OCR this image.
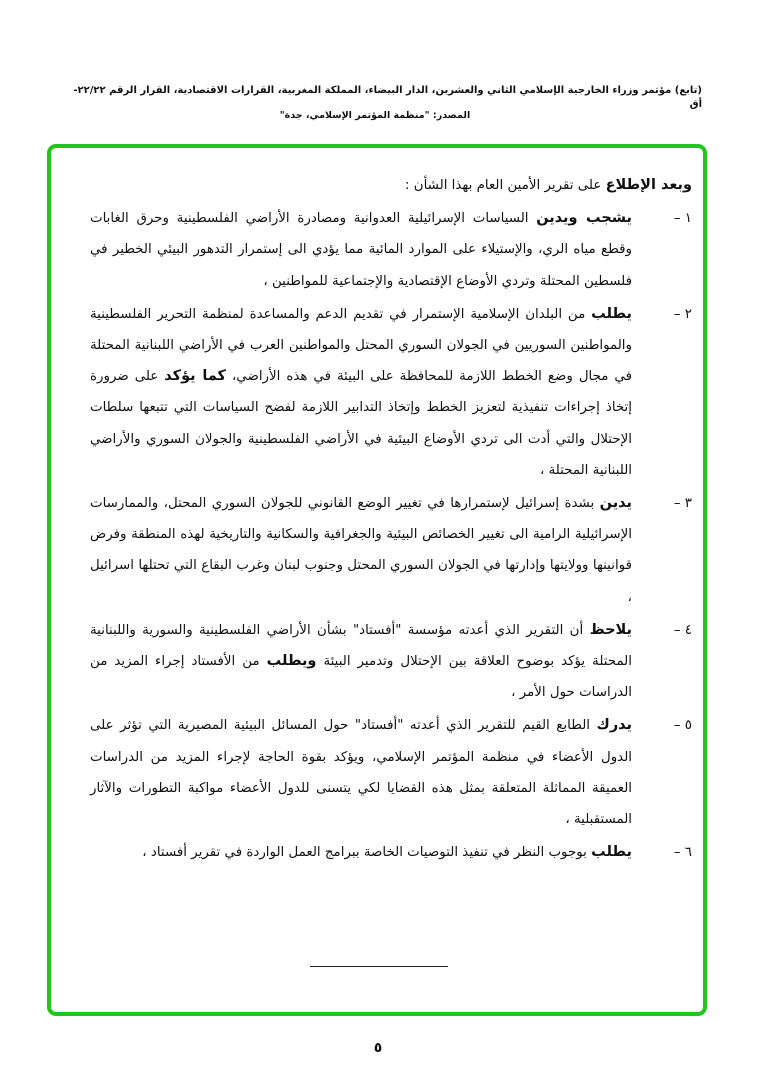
(تابع) مؤتمر وزراء الخارجية الإسلامي الثاني والعشرين، الدار البيضاء، المملكة المغربية، القرارات الاقتصادية، القرار الرقم ٢٢/٢٢- أق
المصدر: "منظمة المؤتمر الإسلامي، جدة"
وبعد الإطلاع على تقرير الأمين العام بهذا الشأن :
١ –
يشجب ويدين السياسات الإسرائيلية العدوانية ومصادرة الأراضي الفلسطينية وحرق الغابات وقطع مياه الري، والإستيلاء على الموارد المائية مما يؤدي الى إستمرار التدهور البيئي الخطير في فلسطين المحتلة وتردي الأوضاع الإقتصادية والإجتماعية للمواطنين ،
٢ –
يطلب من البلدان الإسلامية الإستمرار في تقديم الدعم والمساعدة لمنظمة التحرير الفلسطينية والمواطنين السوريين في الجولان السوري المحتل والمواطنين العرب في الأراضي اللبنانية المحتلة في مجال وضع الخطط اللازمة للمحافظة على البيئة في هذه الأراضي، كما يؤكد على ضرورة إتخاذ إجراءات تنفيذية لتعزيز الخطط وإتخاذ التدابير اللازمة لفضح السياسات التي تتبعها سلطات الإحتلال والتي أدت الى تردي الأوضاع البيئية في الأراضي الفلسطينية والجولان السوري والأراضي اللبنانية المحتلة ،
٣ –
يدين بشدة إسرائيل لإستمرارها في تغيير الوضع القانوني للجولان السوري المحتل، والممارسات الإسرائيلية الرامية الى تغيير الخصائص البيئية والجغرافية والسكانية والتاريخية لهذه المنطقة وفرض قوانينها وولايتها وإدارتها في الجولان السوري المحتل وجنوب لبنان وغرب البقاع التي تحتلها اسرائيل ،
٤ –
يلاحظ أن التقرير الذي أعدته مؤسسة "أفستاد" بشأن الأراضي الفلسطينية والسورية واللبنانية المحتلة يؤكد بوضوح العلاقة بين الإحتلال وتدمير البيئة ويطلب من الأفستاد إجراء المزيد من الدراسات حول الأمر ،
٥ –
يدرك الطابع القيم للتقرير الذي أعدته "أفستاد" حول المسائل البيئية المصيرية التي تؤثر على الدول الأعضاء في منظمة المؤتمر الإسلامي، ويؤكد بقوة الحاجة لإجراء المزيد من الدراسات العميقة المماثلة المتعلقة بمثل هذه القضايا لكي يتسنى للدول الأعضاء مواكبة التطورات والآثار المستقبلية ،
٦ –
يطلب بوجوب النظر في تنفيذ التوصيات الخاصة ببرامج العمل الواردة في تقرير أفستاد ،
٥
